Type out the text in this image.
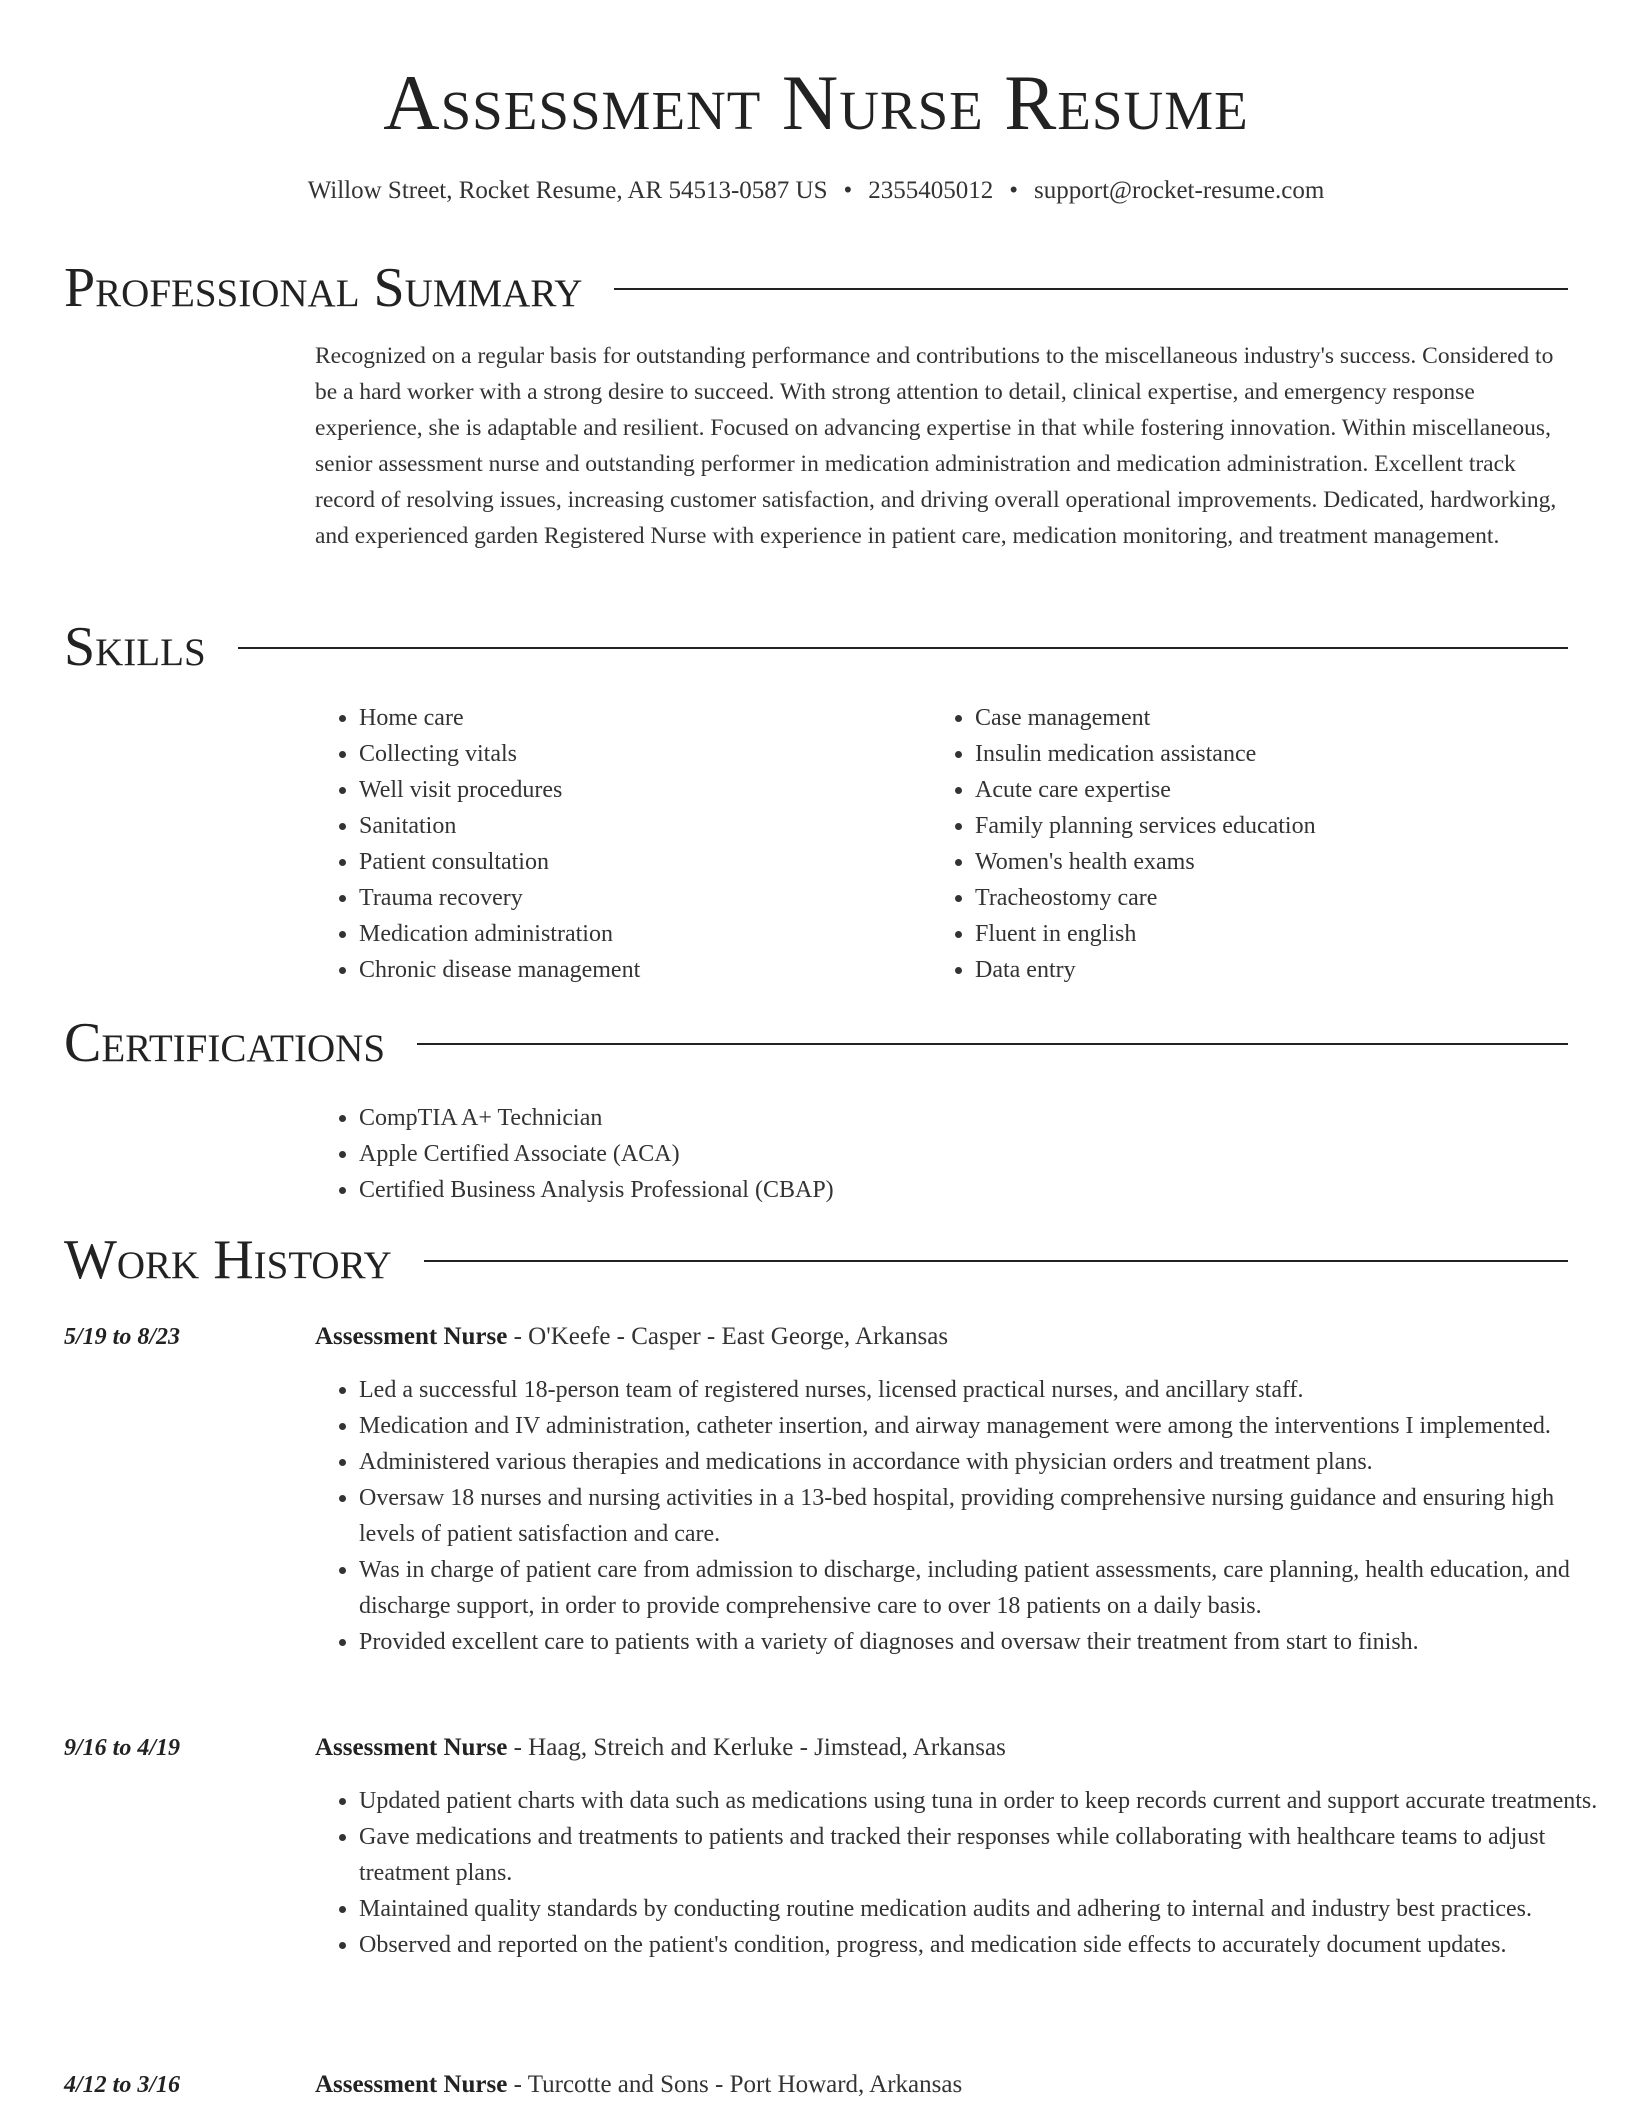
Assessment Nurse Resume
Willow Street, Rocket Resume, AR 54513-0587 US • 2355405012 • support@rocket-resume.com
Professional Summary

Recognized on a regular basis for outstanding performance and contributions to the miscellaneous industry's success. Considered to be a hard worker with a strong desire to succeed. With strong attention to detail, clinical expertise, and emergency response experience, she is adaptable and resilient. Focused on advancing expertise in that while fostering innovation. Within miscellaneous, senior assessment nurse and outstanding performer in medication administration and medication administration. Excellent track record of resolving issues, increasing customer satisfaction, and driving overall operational improvements. Dedicated, hardworking, and experienced garden Registered Nurse with experience in patient care, medication monitoring, and treatment management.

Skills
• Home care
• Collecting vitals
• Well visit procedures
• Sanitation
• Patient consultation
• Trauma recovery
• Medication administration
• Chronic disease management
• Case management
• Insulin medication assistance
• Acute care expertise
• Family planning services education
• Women's health exams
• Tracheostomy care
• Fluent in english
• Data entry
Certifications
• CompTIA A+ Technician
• Apple Certified Associate (ACA)
• Certified Business Analysis Professional (CBAP)
Work History
5/19 to 8/23	Assessment Nurse - O'Keefe - Casper - East George, Arkansas
• Led a successful 18-person team of registered nurses, licensed practical nurses, and ancillary staff.
• Medication and IV administration, catheter insertion, and airway management were among the interventions I implemented.
• Administered various therapies and medications in accordance with physician orders and treatment plans.
• Oversaw 18 nurses and nursing activities in a 13-bed hospital, providing comprehensive nursing guidance and ensuring high levels of patient satisfaction and care.
• Was in charge of patient care from admission to discharge, including patient assessments, care planning, health education, and discharge support, in order to provide comprehensive care to over 18 patients on a daily basis.
• Provided excellent care to patients with a variety of diagnoses and oversaw their treatment from start to finish.
9/16 to 4/19	Assessment Nurse - Haag, Streich and Kerluke - Jimstead, Arkansas
• Updated patient charts with data such as medications using tuna in order to keep records current and support accurate treatments.
• Gave medications and treatments to patients and tracked their responses while collaborating with healthcare teams to adjust treatment plans.
• Maintained quality standards by conducting routine medication audits and adhering to internal and industry best practices.
• Observed and reported on the patient's condition, progress, and medication side effects to accurately document updates.
4/12 to 3/16	Assessment Nurse - Turcotte and Sons - Port Howard, Arkansas
